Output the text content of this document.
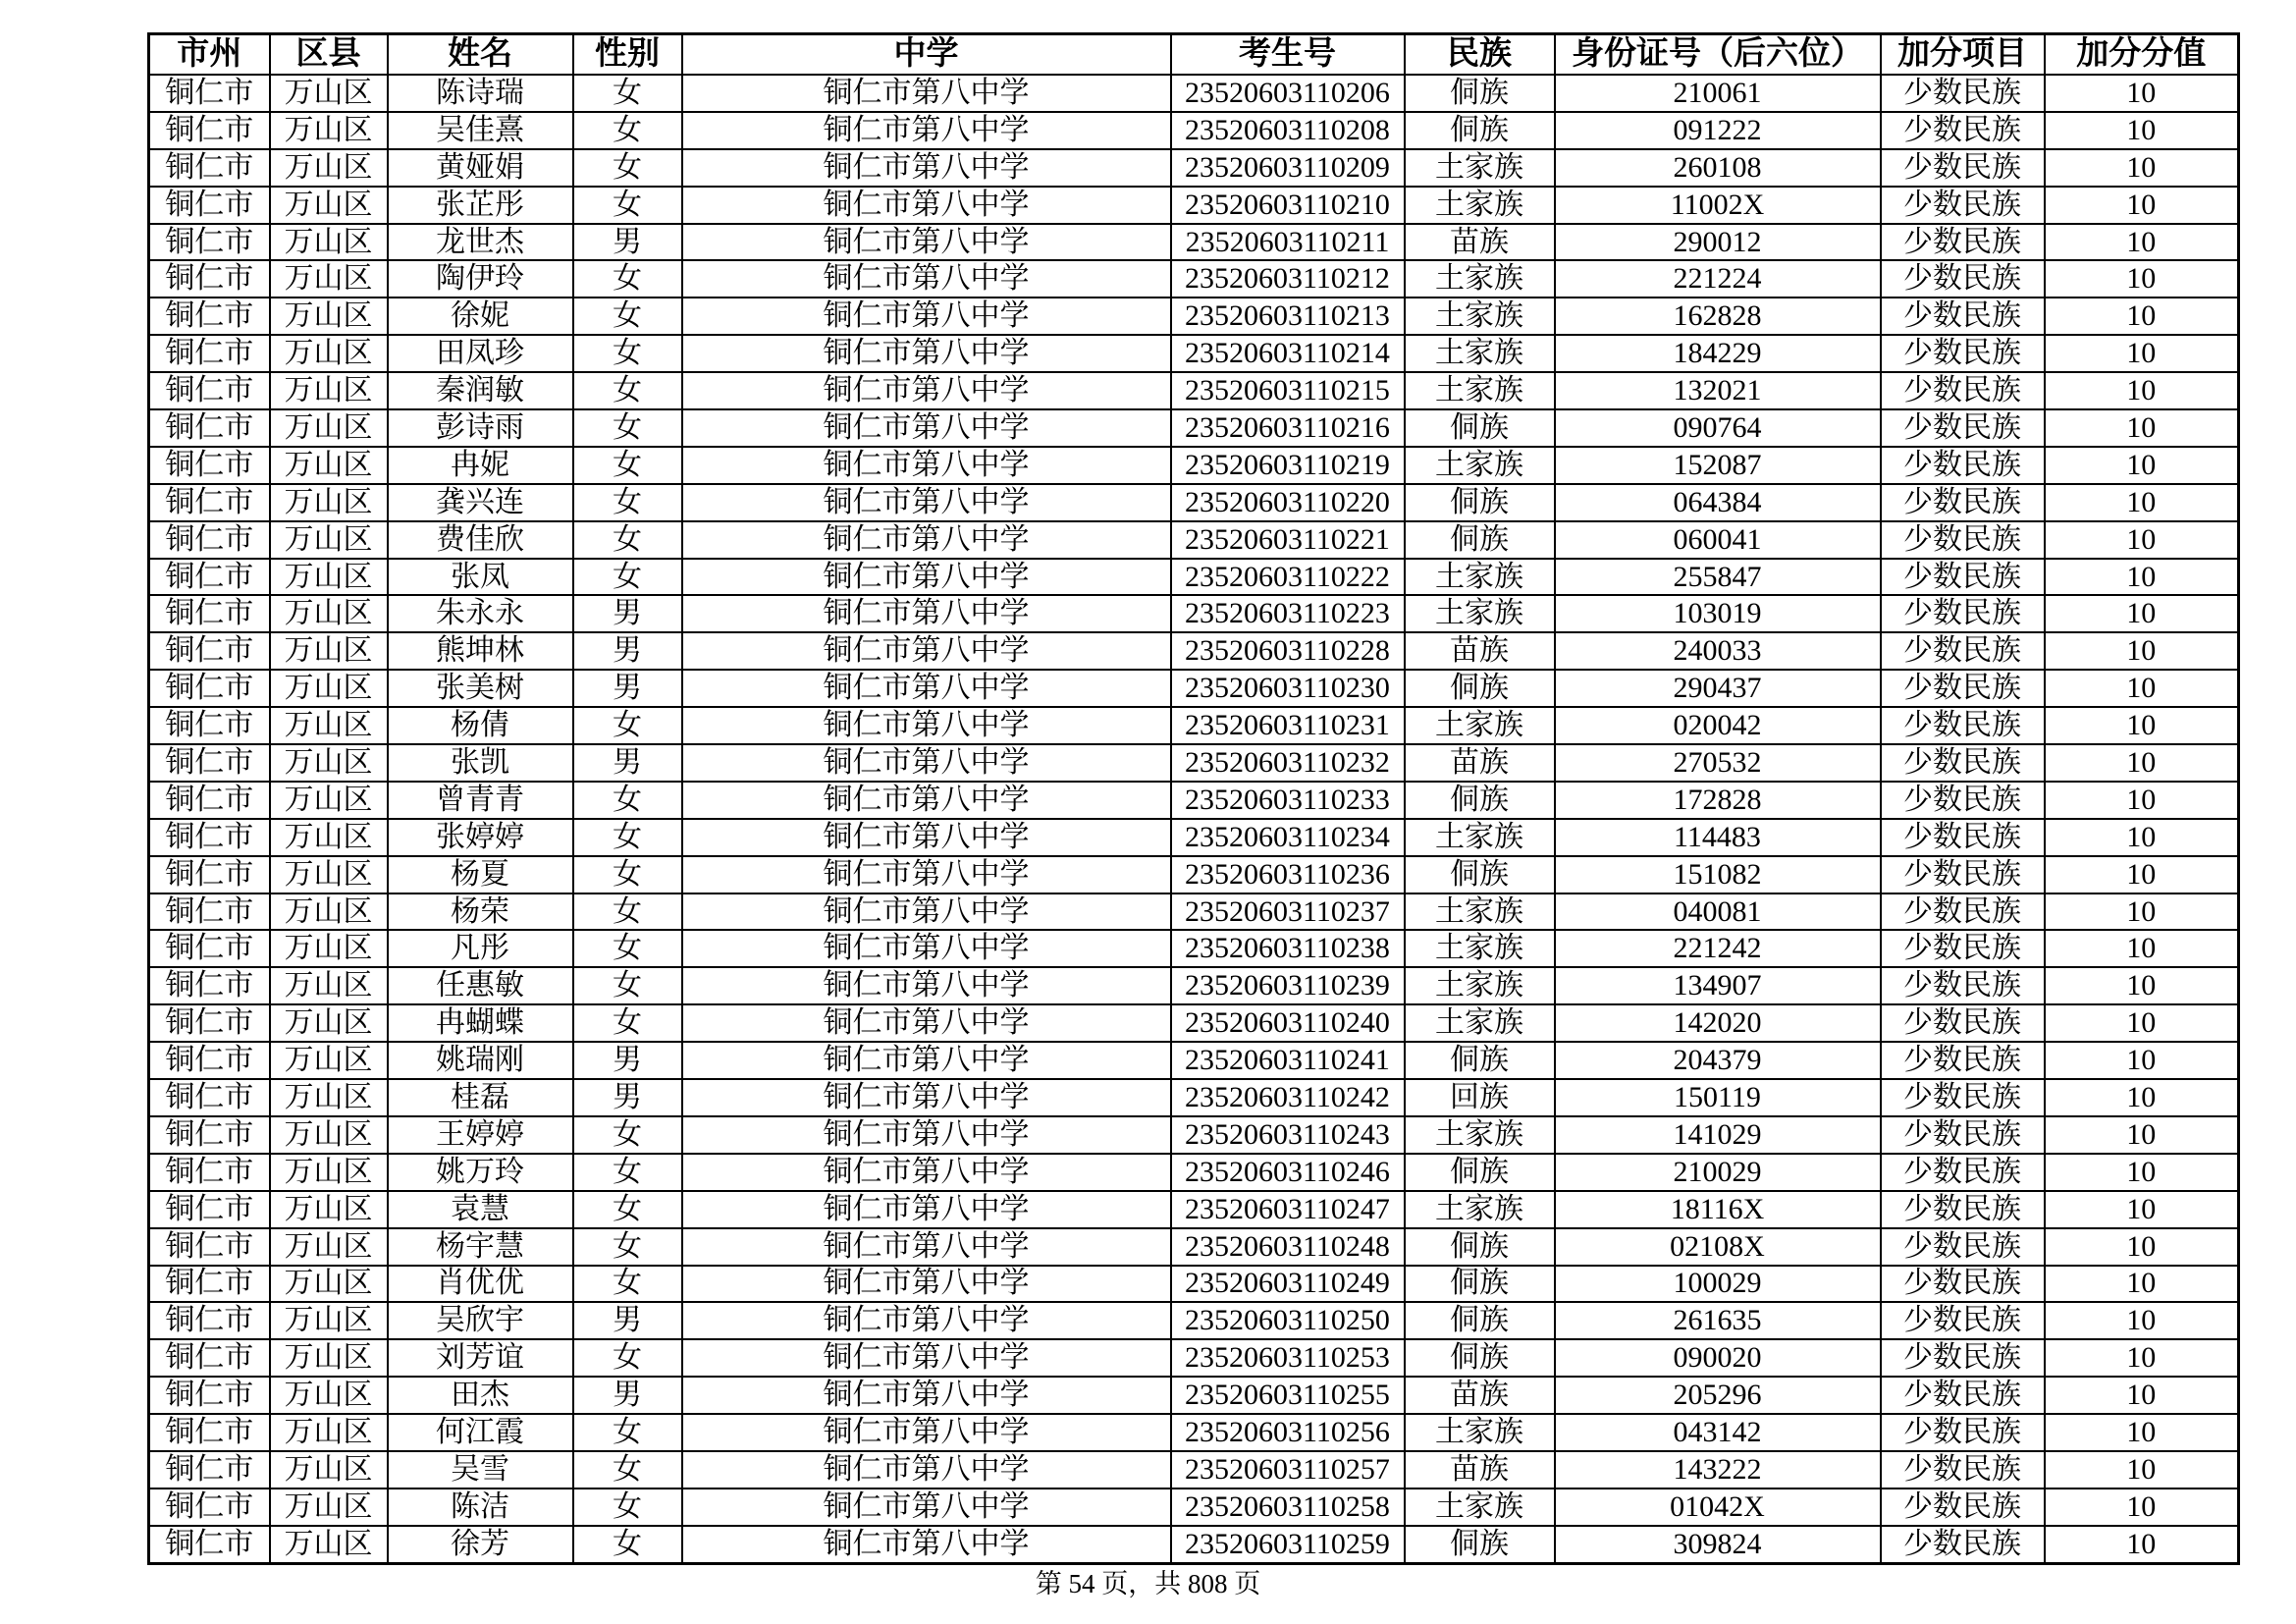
市州	区县	姓名	性别	中学	考生号	民族	身份证号（后六位）	加分项目	加分分值
铜仁市	万山区	陈诗瑞	女	铜仁市第八中学	23520603110206	侗族	210061	少数民族	10
铜仁市	万山区	吴佳熹	女	铜仁市第八中学	23520603110208	侗族	091222	少数民族	10
铜仁市	万山区	黄娅娟	女	铜仁市第八中学	23520603110209	土家族	260108	少数民族	10
铜仁市	万山区	张芷彤	女	铜仁市第八中学	23520603110210	土家族	11002X	少数民族	10
铜仁市	万山区	龙世杰	男	铜仁市第八中学	23520603110211	苗族	290012	少数民族	10
铜仁市	万山区	陶伊玲	女	铜仁市第八中学	23520603110212	土家族	221224	少数民族	10
铜仁市	万山区	徐妮	女	铜仁市第八中学	23520603110213	土家族	162828	少数民族	10
铜仁市	万山区	田凤珍	女	铜仁市第八中学	23520603110214	土家族	184229	少数民族	10
铜仁市	万山区	秦润敏	女	铜仁市第八中学	23520603110215	土家族	132021	少数民族	10
铜仁市	万山区	彭诗雨	女	铜仁市第八中学	23520603110216	侗族	090764	少数民族	10
铜仁市	万山区	冉妮	女	铜仁市第八中学	23520603110219	土家族	152087	少数民族	10
铜仁市	万山区	龚兴连	女	铜仁市第八中学	23520603110220	侗族	064384	少数民族	10
铜仁市	万山区	费佳欣	女	铜仁市第八中学	23520603110221	侗族	060041	少数民族	10
铜仁市	万山区	张凤	女	铜仁市第八中学	23520603110222	土家族	255847	少数民族	10
铜仁市	万山区	朱永永	男	铜仁市第八中学	23520603110223	土家族	103019	少数民族	10
铜仁市	万山区	熊坤林	男	铜仁市第八中学	23520603110228	苗族	240033	少数民族	10
铜仁市	万山区	张美树	男	铜仁市第八中学	23520603110230	侗族	290437	少数民族	10
铜仁市	万山区	杨倩	女	铜仁市第八中学	23520603110231	土家族	020042	少数民族	10
铜仁市	万山区	张凯	男	铜仁市第八中学	23520603110232	苗族	270532	少数民族	10
铜仁市	万山区	曾青青	女	铜仁市第八中学	23520603110233	侗族	172828	少数民族	10
铜仁市	万山区	张婷婷	女	铜仁市第八中学	23520603110234	土家族	114483	少数民族	10
铜仁市	万山区	杨夏	女	铜仁市第八中学	23520603110236	侗族	151082	少数民族	10
铜仁市	万山区	杨荣	女	铜仁市第八中学	23520603110237	土家族	040081	少数民族	10
铜仁市	万山区	凡彤	女	铜仁市第八中学	23520603110238	土家族	221242	少数民族	10
铜仁市	万山区	任惠敏	女	铜仁市第八中学	23520603110239	土家族	134907	少数民族	10
铜仁市	万山区	冉蝴蝶	女	铜仁市第八中学	23520603110240	土家族	142020	少数民族	10
铜仁市	万山区	姚瑞刚	男	铜仁市第八中学	23520603110241	侗族	204379	少数民族	10
铜仁市	万山区	桂磊	男	铜仁市第八中学	23520603110242	回族	150119	少数民族	10
铜仁市	万山区	王婷婷	女	铜仁市第八中学	23520603110243	土家族	141029	少数民族	10
铜仁市	万山区	姚万玲	女	铜仁市第八中学	23520603110246	侗族	210029	少数民族	10
铜仁市	万山区	袁慧	女	铜仁市第八中学	23520603110247	土家族	18116X	少数民族	10
铜仁市	万山区	杨宇慧	女	铜仁市第八中学	23520603110248	侗族	02108X	少数民族	10
铜仁市	万山区	肖优优	女	铜仁市第八中学	23520603110249	侗族	100029	少数民族	10
铜仁市	万山区	吴欣宇	男	铜仁市第八中学	23520603110250	侗族	261635	少数民族	10
铜仁市	万山区	刘芳谊	女	铜仁市第八中学	23520603110253	侗族	090020	少数民族	10
铜仁市	万山区	田杰	男	铜仁市第八中学	23520603110255	苗族	205296	少数民族	10
铜仁市	万山区	何江霞	女	铜仁市第八中学	23520603110256	土家族	043142	少数民族	10
铜仁市	万山区	吴雪	女	铜仁市第八中学	23520603110257	苗族	143222	少数民族	10
铜仁市	万山区	陈洁	女	铜仁市第八中学	23520603110258	土家族	01042X	少数民族	10
铜仁市	万山区	徐芳	女	铜仁市第八中学	23520603110259	侗族	309824	少数民族	10
第 54 页，共 808 页
